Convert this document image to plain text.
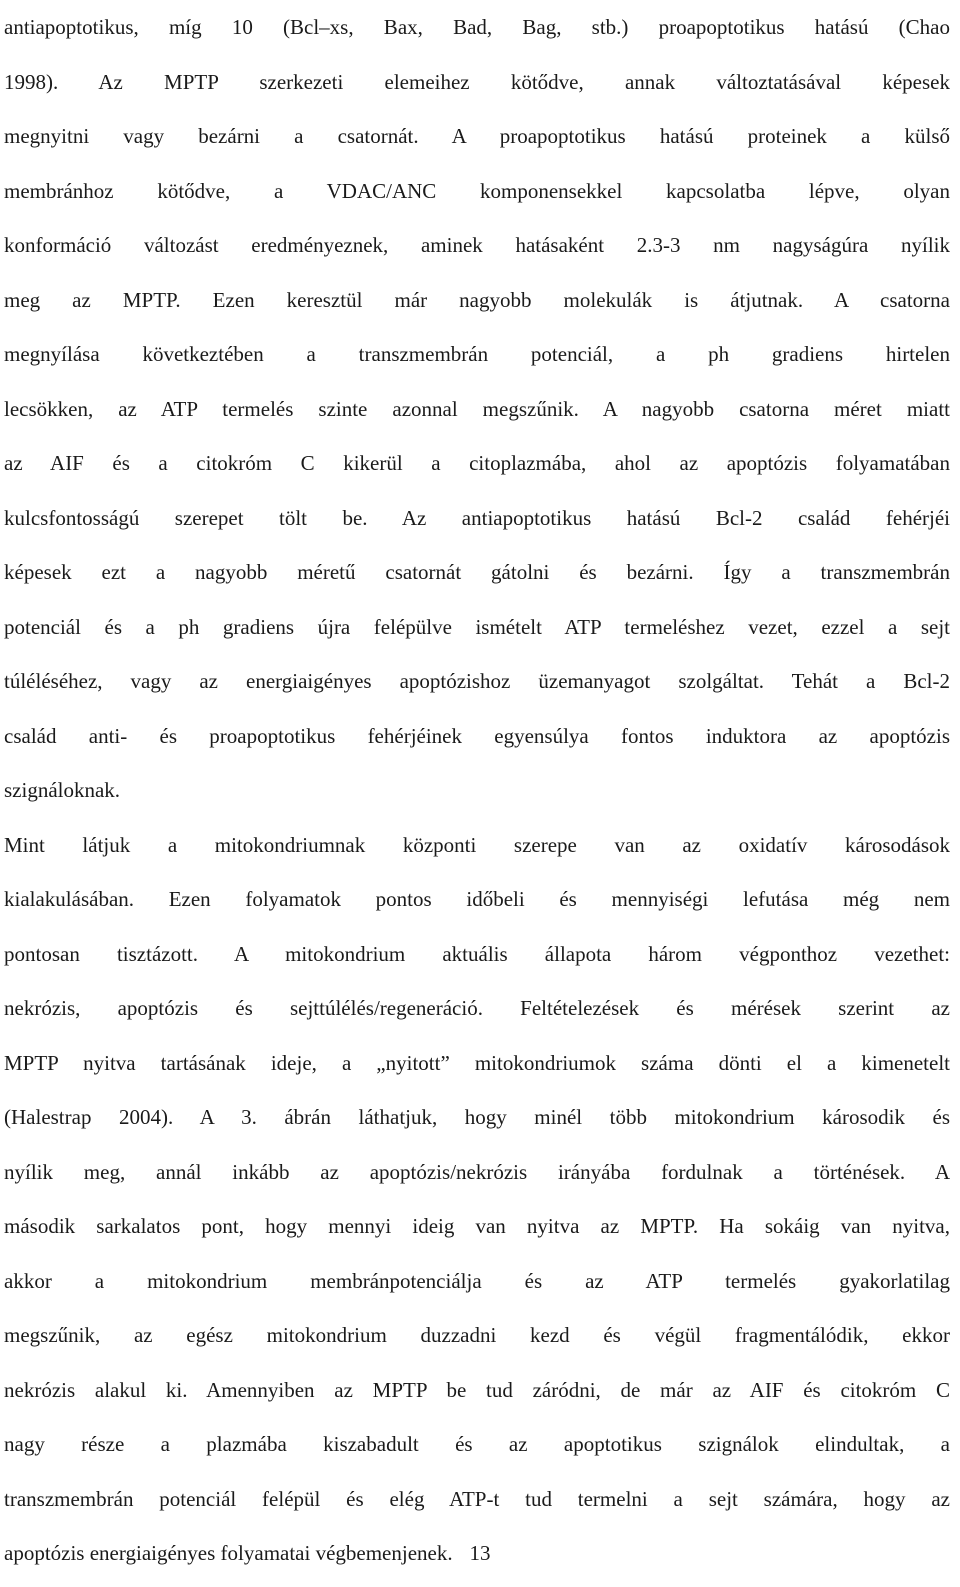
antiapoptotikus, míg 10 (Bcl–xs, Bax, Bad, Bag, stb.) proapoptotikus hatású (Chao
1998). Az MPTP szerkezeti elemeihez kötődve, annak változtatásával képesek
megnyitni vagy bezárni a csatornát. A proapoptotikus hatású proteinek a külső
membránhoz kötődve, a VDAC/ANC komponensekkel kapcsolatba lépve, olyan
konformáció változást eredményeznek, aminek hatásaként 2.3-3 nm nagyságúra nyílik
meg az MPTP. Ezen keresztül már nagyobb molekulák is átjutnak. A csatorna
megnyílása következtében a transzmembrán potenciál, a ph gradiens hirtelen
lecsökken, az ATP termelés szinte azonnal megszűnik. A nagyobb csatorna méret miatt
az AIF és a citokróm C kikerül a citoplazmába, ahol az apoptózis folyamatában
kulcsfontosságú szerepet tölt be. Az antiapoptotikus hatású Bcl-2 család fehérjéi
képesek ezt a nagyobb méretű csatornát gátolni és bezárni. Így a transzmembrán
potenciál és a ph gradiens újra felépülve ismételt ATP termeléshez vezet, ezzel a sejt
túléléséhez, vagy az energiaigényes apoptózishoz üzemanyagot szolgáltat. Tehát a Bcl-2
család anti- és proapoptotikus fehérjéinek egyensúlya fontos induktora az apoptózis
szignáloknak.
Mint látjuk a mitokondriumnak központi szerepe van az oxidatív károsodások
kialakulásában. Ezen folyamatok pontos időbeli és mennyiségi lefutása még nem
pontosan tisztázott. A mitokondrium aktuális állapota három végponthoz vezethet:
nekrózis, apoptózis és sejttúlélés/regeneráció. Feltételezések és mérések szerint az
MPTP nyitva tartásának ideje, a „nyitott” mitokondriumok száma dönti el a kimenetelt
(Halestrap 2004). A 3. ábrán láthatjuk, hogy minél több mitokondrium károsodik és
nyílik meg, annál inkább az apoptózis/nekrózis irányába fordulnak a történések. A
második sarkalatos pont, hogy mennyi ideig van nyitva az MPTP. Ha sokáig van nyitva,
akkor a mitokondrium membránpotenciálja és az ATP termelés gyakorlatilag
megszűnik, az egész mitokondrium duzzadni kezd és végül fragmentálódik, ekkor
nekrózis alakul ki. Amennyiben az MPTP be tud záródni, de már az AIF és citokróm C
nagy része a plazmába kiszabadult és az apoptotikus szignálok elindultak, a
transzmembrán potenciál felépül és elég ATP-t tud termelni a sejt számára, hogy az
apoptózis energiaigényes folyamatai végbemenjenek. 13
